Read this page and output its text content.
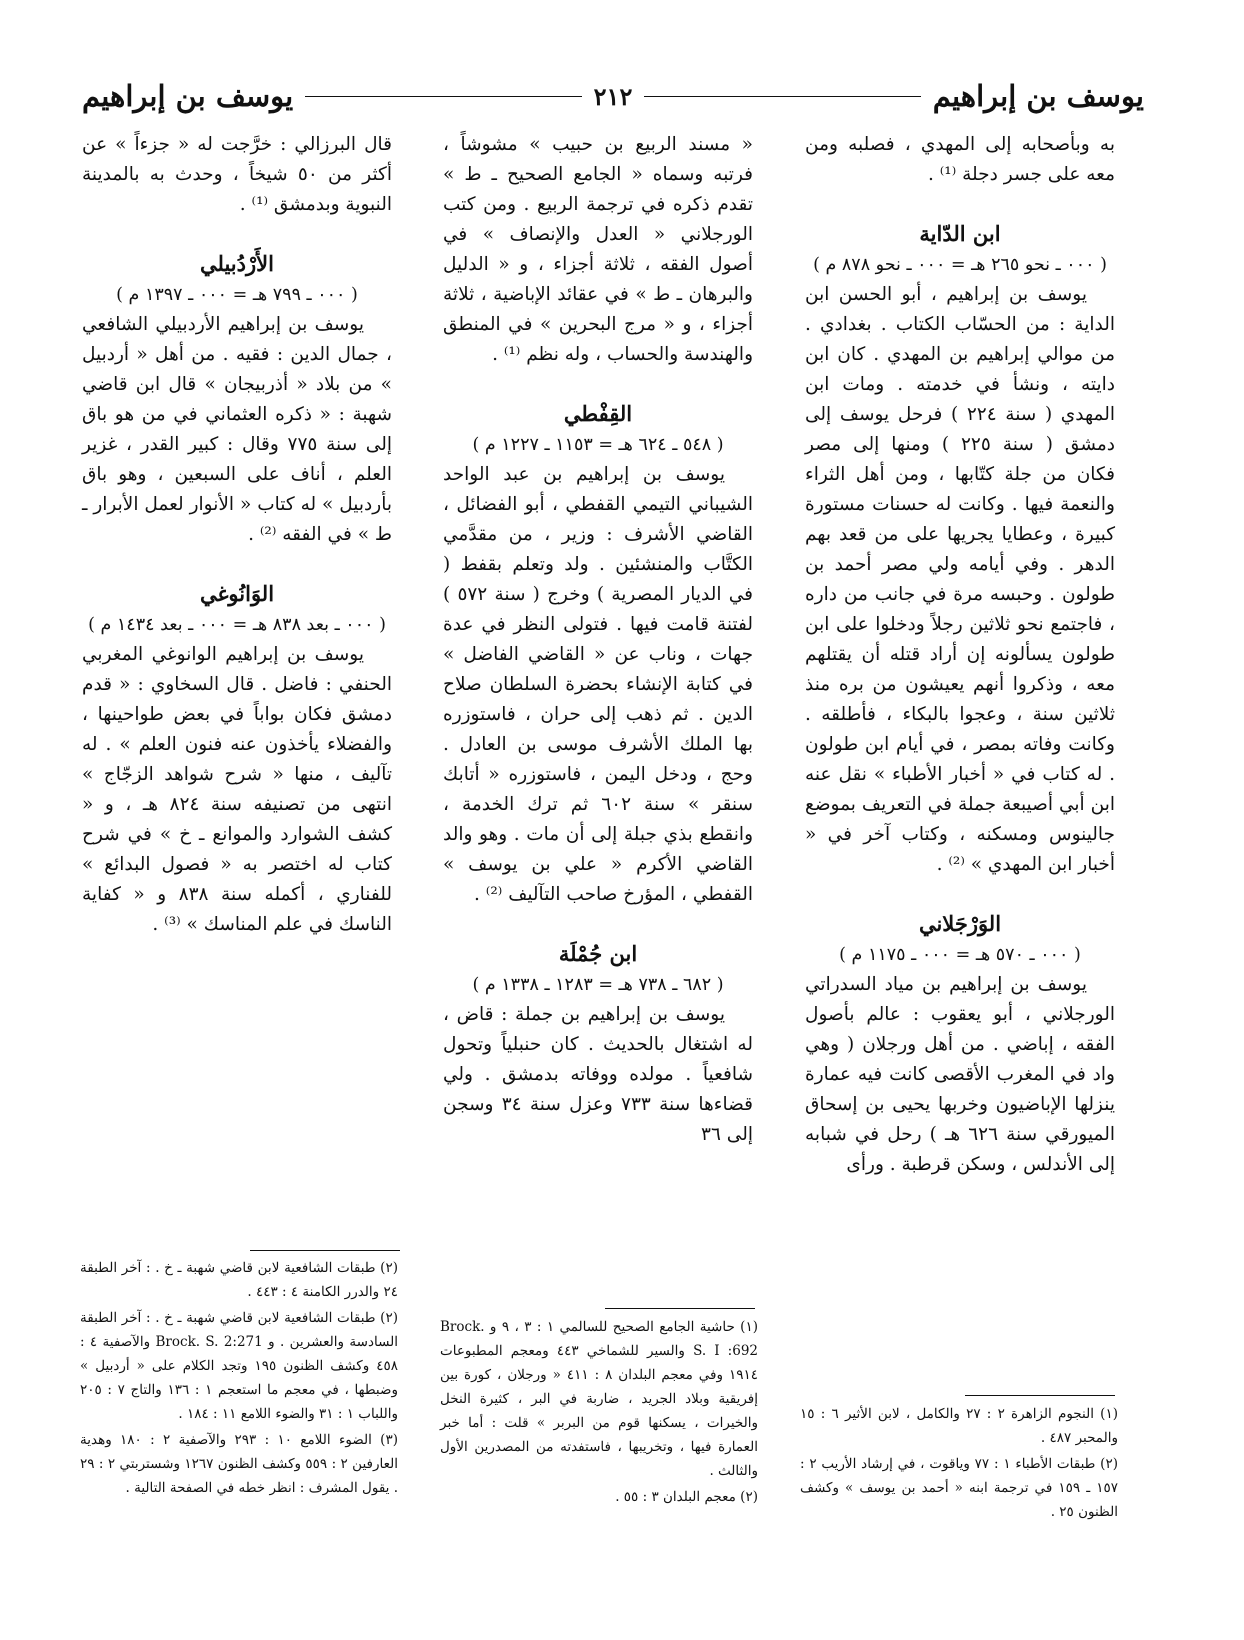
يوسف بن إبراهيم
٢١٢
يوسف بن إبراهيم

به وبأصحابه إلى المهدي ، فصلبه ومن معه على جسر دجلة ⁽¹⁾ .

ابن الدّاية

( ٠٠٠ ـ نحو ٢٦٥ هـ = ٠٠٠ ـ نحو ٨٧٨ م )

يوسف بن إبراهيم ، أبو الحسن ابن الداية : من الحسّاب الكتاب . بغدادي . من موالي إبراهيم بن المهدي . كان ابن دايته ، ونشأ في خدمته . ومات ابن المهدي ( سنة ٢٢٤ ) فرحل يوسف إلى دمشق ( سنة ٢٢٥ ) ومنها إلى مصر فكان من جلة كتّابها ، ومن أهل الثراء والنعمة فيها . وكانت له حسنات مستورة كبيرة ، وعطايا يجريها على من قعد بهم الدهر . وفي أيامه ولي مصر أحمد بن طولون . وحبسه مرة في جانب من داره ، فاجتمع نحو ثلاثين رجلاً ودخلوا على ابن طولون يسألونه إن أراد قتله أن يقتلهم معه ، وذكروا أنهم يعيشون من بره منذ ثلاثين سنة ، وعجوا بالبكاء ، فأطلقه . وكانت وفاته بمصر ، في أيام ابن طولون . له كتاب في « أخبار الأطباء » نقل عنه ابن أبي أصيبعة جملة في التعريف بموضع جالينوس ومسكنه ، وكتاب آخر في « أخبار ابن المهدي » ⁽²⁾ .

الوَرْجَلاني

( ٠٠٠ ـ ٥٧٠ هـ = ٠٠٠ ـ ١١٧٥ م )

يوسف بن إبراهيم بن مياد السدراتي الورجلاني ، أبو يعقوب : عالم بأصول الفقه ، إباضي . من أهل ورجلان ( وهي واد في المغرب الأقصى كانت فيه عمارة ينزلها الإباضيون وخربها يحيى بن إسحاق الميورقي سنة ٦٢٦ هـ ) رحل في شبابه إلى الأندلس ، وسكن قرطبة . ورأى

« مسند الربيع بن حبيب » مشوشاً ، فرتبه وسماه « الجامع الصحيح ـ ط » تقدم ذكره في ترجمة الربيع . ومن كتب الورجلاني « العدل والإنصاف » في أصول الفقه ، ثلاثة أجزاء ، و « الدليل والبرهان ـ ط » في عقائد الإباضية ، ثلاثة أجزاء ، و « مرج البحرين » في المنطق والهندسة والحساب ، وله نظم ⁽¹⁾ .

القِفْطي

( ٥٤٨ ـ ٦٢٤ هـ = ١١٥٣ ـ ١٢٢٧ م )

يوسف بن إبراهيم بن عبد الواحد الشيباني التيمي القفطي ، أبو الفضائل ، القاضي الأشرف : وزير ، من مقدَّمي الكتَّاب والمنشئين . ولد وتعلم بقفط ( في الديار المصرية ) وخرج ( سنة ٥٧٢ ) لفتنة قامت فيها . فتولى النظر في عدة جهات ، وناب عن « القاضي الفاضل » في كتابة الإنشاء بحضرة السلطان صلاح الدين . ثم ذهب إلى حران ، فاستوزره بها الملك الأشرف موسى بن العادل . وحج ، ودخل اليمن ، فاستوزره « أتابك سنقر » سنة ٦٠٢ ثم ترك الخدمة ، وانقطع بذي جبلة إلى أن مات . وهو والد القاضي الأكرم « علي بن يوسف » القفطي ، المؤرخ صاحب التآليف ⁽²⁾ .

ابن جُمْلَة

( ٦٨٢ ـ ٧٣٨ هـ = ١٢٨٣ ـ ١٣٣٨ م )

يوسف بن إبراهيم بن جملة : قاض ، له اشتغال بالحديث . كان حنبلياً وتحول شافعياً . مولده ووفاته بدمشق . ولي قضاءها سنة ٧٣٣ وعزل سنة ٣٤ وسجن إلى ٣٦

قال البرزالي : خرَّجت له « جزءاً » عن أكثر من ٥٠ شيخاً ، وحدث به بالمدينة النبوية وبدمشق ⁽¹⁾ .

الأَرْدُبيلي

( ٠٠٠ ـ ٧٩٩ هـ = ٠٠٠ ـ ١٣٩٧ م )

يوسف بن إبراهيم الأردبيلي الشافعي ، جمال الدين : فقيه . من أهل « أردبيل » من بلاد « أذربيجان » قال ابن قاضي شهبة : « ذكره العثماني في من هو باق إلى سنة ٧٧٥ وقال : كبير القدر ، غزير العلم ، أناف على السبعين ، وهو باق بأردبيل » له كتاب « الأنوار لعمل الأبرار ـ ط » في الفقه ⁽²⁾ .

الوَانُوغي

( ٠٠٠ ـ بعد ٨٣٨ هـ = ٠٠٠ ـ بعد ١٤٣٤ م )

يوسف بن إبراهيم الوانوغي المغربي الحنفي : فاضل . قال السخاوي : « قدم دمشق فكان بواباً في بعض طواحينها ، والفضلاء يأخذون عنه فنون العلم » . له تآليف ، منها « شرح شواهد الزجّاج » انتهى من تصنيفه سنة ٨٢٤ هـ ، و « كشف الشوارد والموانع ـ خ » في شرح كتاب له اختصر به « فصول البدائع » للفناري ، أكمله سنة ٨٣٨ و « كفاية الناسك في علم المناسك » ⁽³⁾ .

(١) النجوم الزاهرة ٢ : ٢٧ والكامل ، لابن الأثير ٦ : ١٥ والمحبر ٤٨٧ .

(٢) طبقات الأطباء ١ : ٧٧ وياقوت ، في إرشاد الأريب ٢ : ١٥٧ ـ ١٥٩ في ترجمة ابنه « أحمد بن يوسف » وكشف الظنون ٢٥ .

(١) حاشية الجامع الصحيح للسالمي ١ : ٣ ، ٩ و Brock. S. I :692 والسير للشماخي ٤٤٣ ومعجم المطبوعات ١٩١٤ وفي معجم البلدان ٨ : ٤١١ « ورجلان ، كورة بين إفريقية وبلاد الجريد ، ضاربة في البر ، كثيرة النخل والخيرات ، يسكنها قوم من البربر » قلت : أما خبر العمارة فيها ، وتخريبها ، فاستفدته من المصدرين الأول والثالث .

(٢) معجم البلدان ٣ : ٥٥ .

(٢) طبقات الشافعية لابن قاضي شهبة ـ خ . : آخر الطبقة ٢٤ والدرر الكامنة ٤ : ٤٤٣ .

(٢) طبقات الشافعية لابن قاضي شهبة ـ خ . : آخر الطبقة السادسة والعشرين . و Brock. S. 2:271 والآصفية ٤ : ٤٥٨ وكشف الظنون ١٩٥ وتجد الكلام على « أردبيل » وضبطها ، في معجم ما استعجم ١ : ١٣٦ والتاج ٧ : ٢٠٥ واللباب ١ : ٣١ والضوء اللامع ١١ : ١٨٤ .

(٣) الضوء اللامع ١٠ : ٢٩٣ والآصفية ٢ : ١٨٠ وهدية العارفين ٢ : ٥٥٩ وكشف الظنون ١٢٦٧ وشستربتي ٢ : ٢٩ . يقول المشرف : انظر خطه في الصفحة التالية .
